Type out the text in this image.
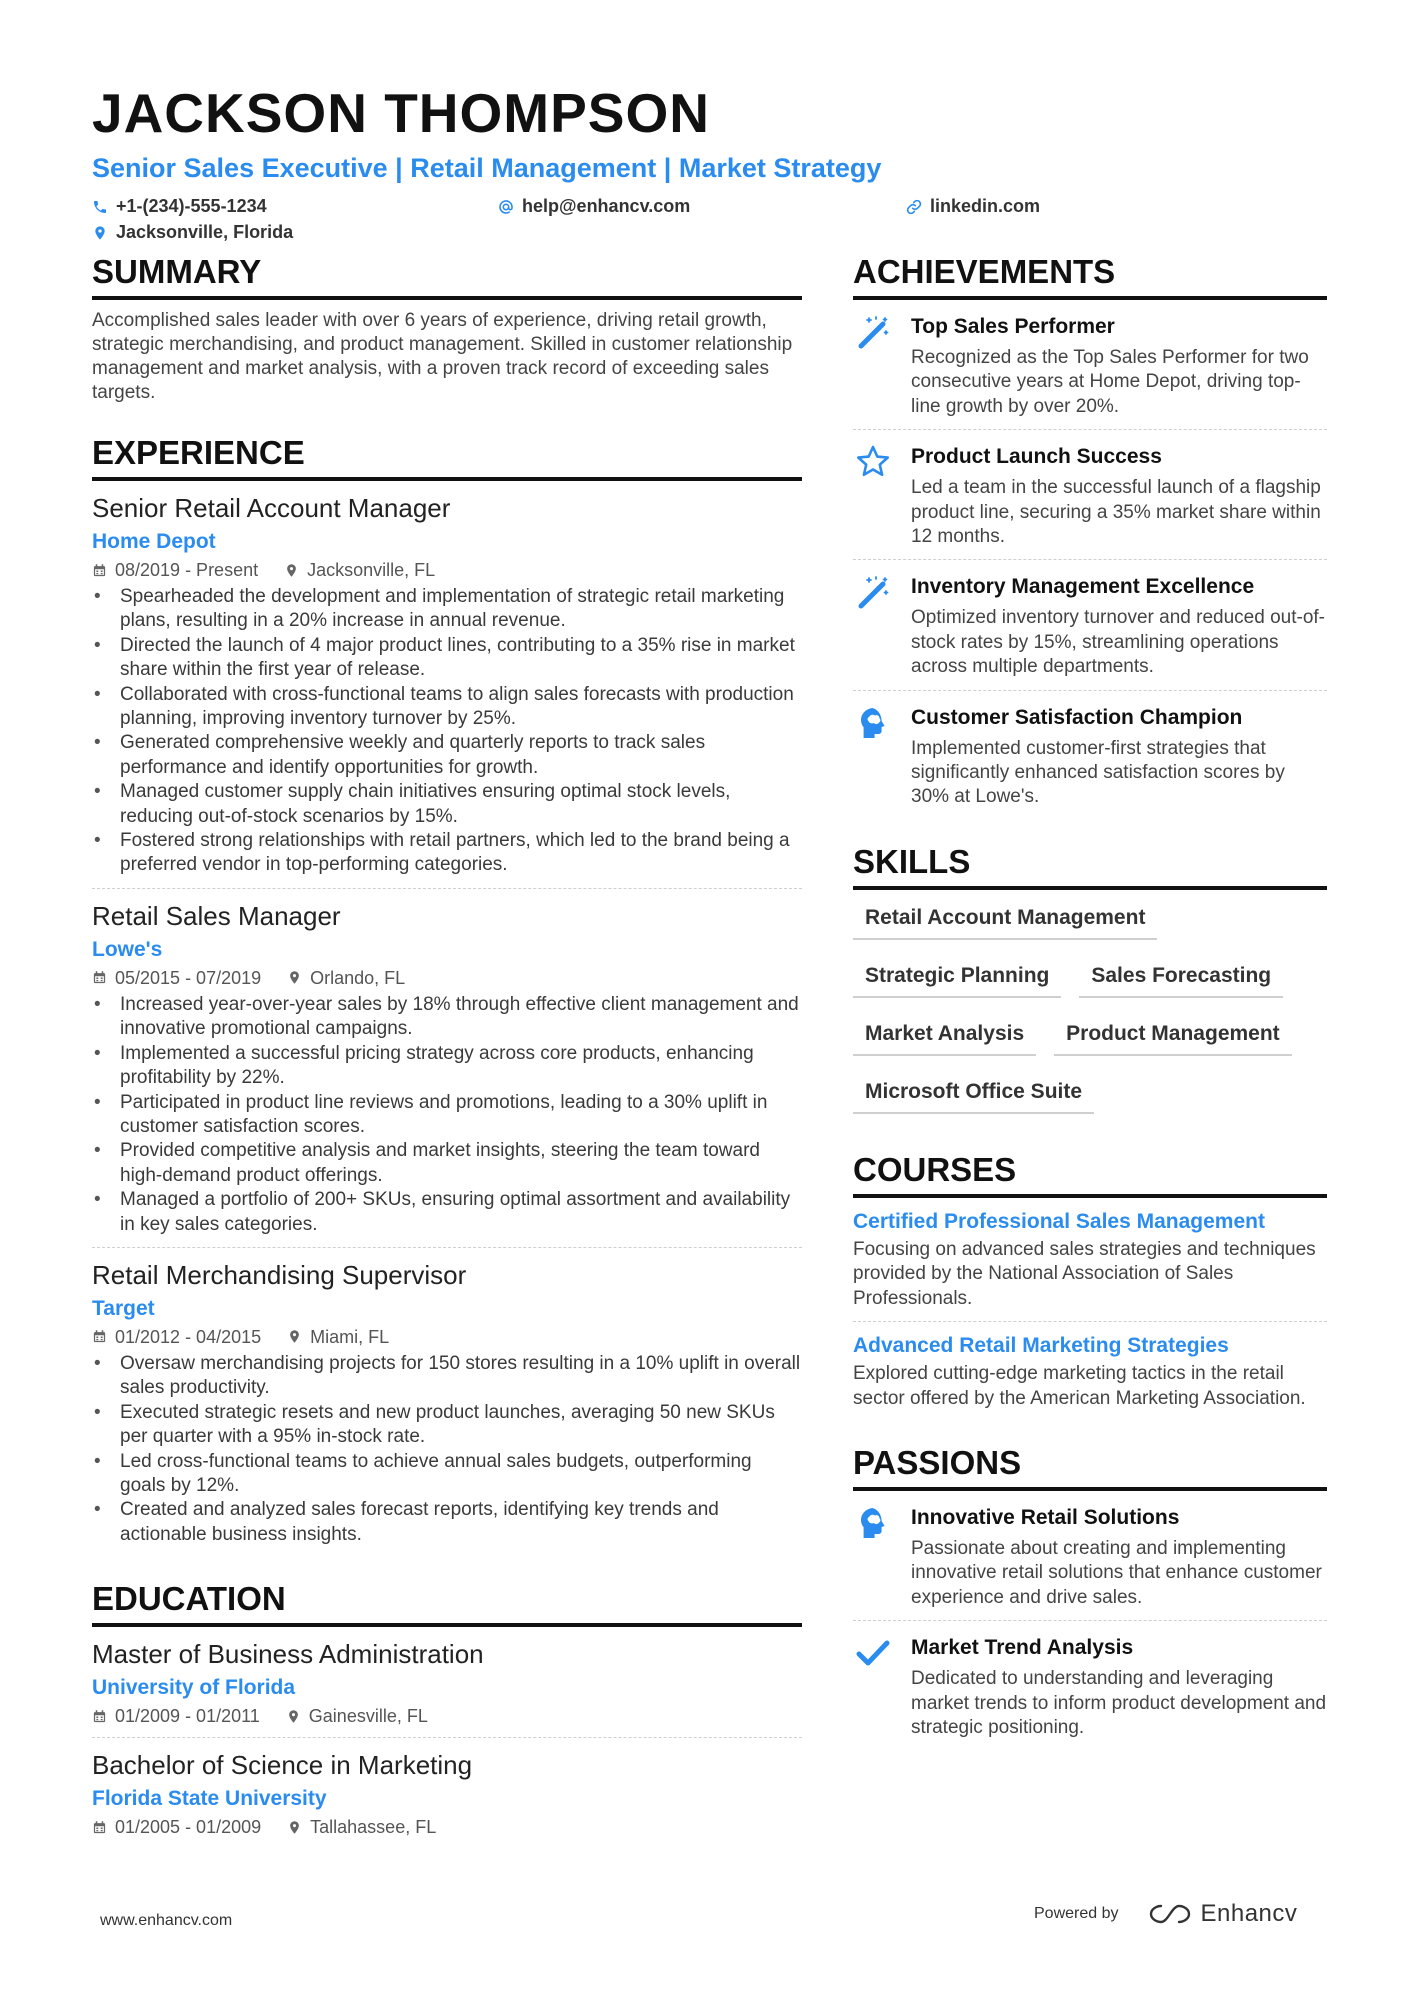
JACKSON THOMPSON
Senior Sales Executive | Retail Management | Market Strategy
+1-(234)-555-1234	help@enhancv.com	linkedin.com
Jacksonville, Florida
SUMMARY
Accomplished sales leader with over 6 years of experience, driving retail growth, strategic merchandising, and product management. Skilled in customer relationship management and market analysis, with a proven track record of exceeding sales targets.
EXPERIENCE
Senior Retail Account Manager
Home Depot
08/2019 - Present	Jacksonville, FL
• Spearheaded the development and implementation of strategic retail marketing plans, resulting in a 20% increase in annual revenue.
• Directed the launch of 4 major product lines, contributing to a 35% rise in market share within the first year of release.
• Collaborated with cross-functional teams to align sales forecasts with production planning, improving inventory turnover by 25%.
• Generated comprehensive weekly and quarterly reports to track sales performance and identify opportunities for growth.
• Managed customer supply chain initiatives ensuring optimal stock levels, reducing out-of-stock scenarios by 15%.
• Fostered strong relationships with retail partners, which led to the brand being a preferred vendor in top-performing categories.
Retail Sales Manager
Lowe's
05/2015 - 07/2019	Orlando, FL
• Increased year-over-year sales by 18% through effective client management and innovative promotional campaigns.
• Implemented a successful pricing strategy across core products, enhancing profitability by 22%.
• Participated in product line reviews and promotions, leading to a 30% uplift in customer satisfaction scores.
• Provided competitive analysis and market insights, steering the team toward high-demand product offerings.
• Managed a portfolio of 200+ SKUs, ensuring optimal assortment and availability in key sales categories.
Retail Merchandising Supervisor
Target
01/2012 - 04/2015	Miami, FL
• Oversaw merchandising projects for 150 stores resulting in a 10% uplift in overall sales productivity.
• Executed strategic resets and new product launches, averaging 50 new SKUs per quarter with a 95% in-stock rate.
• Led cross-functional teams to achieve annual sales budgets, outperforming goals by 12%.
• Created and analyzed sales forecast reports, identifying key trends and actionable business insights.
EDUCATION
Master of Business Administration
University of Florida
01/2009 - 01/2011	Gainesville, FL
Bachelor of Science in Marketing
Florida State University
01/2005 - 01/2009	Tallahassee, FL
ACHIEVEMENTS
Top Sales Performer
Recognized as the Top Sales Performer for two consecutive years at Home Depot, driving top-line growth by over 20%.
Product Launch Success
Led a team in the successful launch of a flagship product line, securing a 35% market share within 12 months.
Inventory Management Excellence
Optimized inventory turnover and reduced out-of-stock rates by 15%, streamlining operations across multiple departments.
Customer Satisfaction Champion
Implemented customer-first strategies that significantly enhanced satisfaction scores by 30% at Lowe's.
SKILLS
Retail Account Management
Strategic Planning	Sales Forecasting
Market Analysis	Product Management
Microsoft Office Suite
COURSES
Certified Professional Sales Management
Focusing on advanced sales strategies and techniques provided by the National Association of Sales Professionals.
Advanced Retail Marketing Strategies
Explored cutting-edge marketing tactics in the retail sector offered by the American Marketing Association.
PASSIONS
Innovative Retail Solutions
Passionate about creating and implementing innovative retail solutions that enhance customer experience and drive sales.
Market Trend Analysis
Dedicated to understanding and leveraging market trends to inform product development and strategic positioning.
www.enhancv.com	Powered by	Enhancv
